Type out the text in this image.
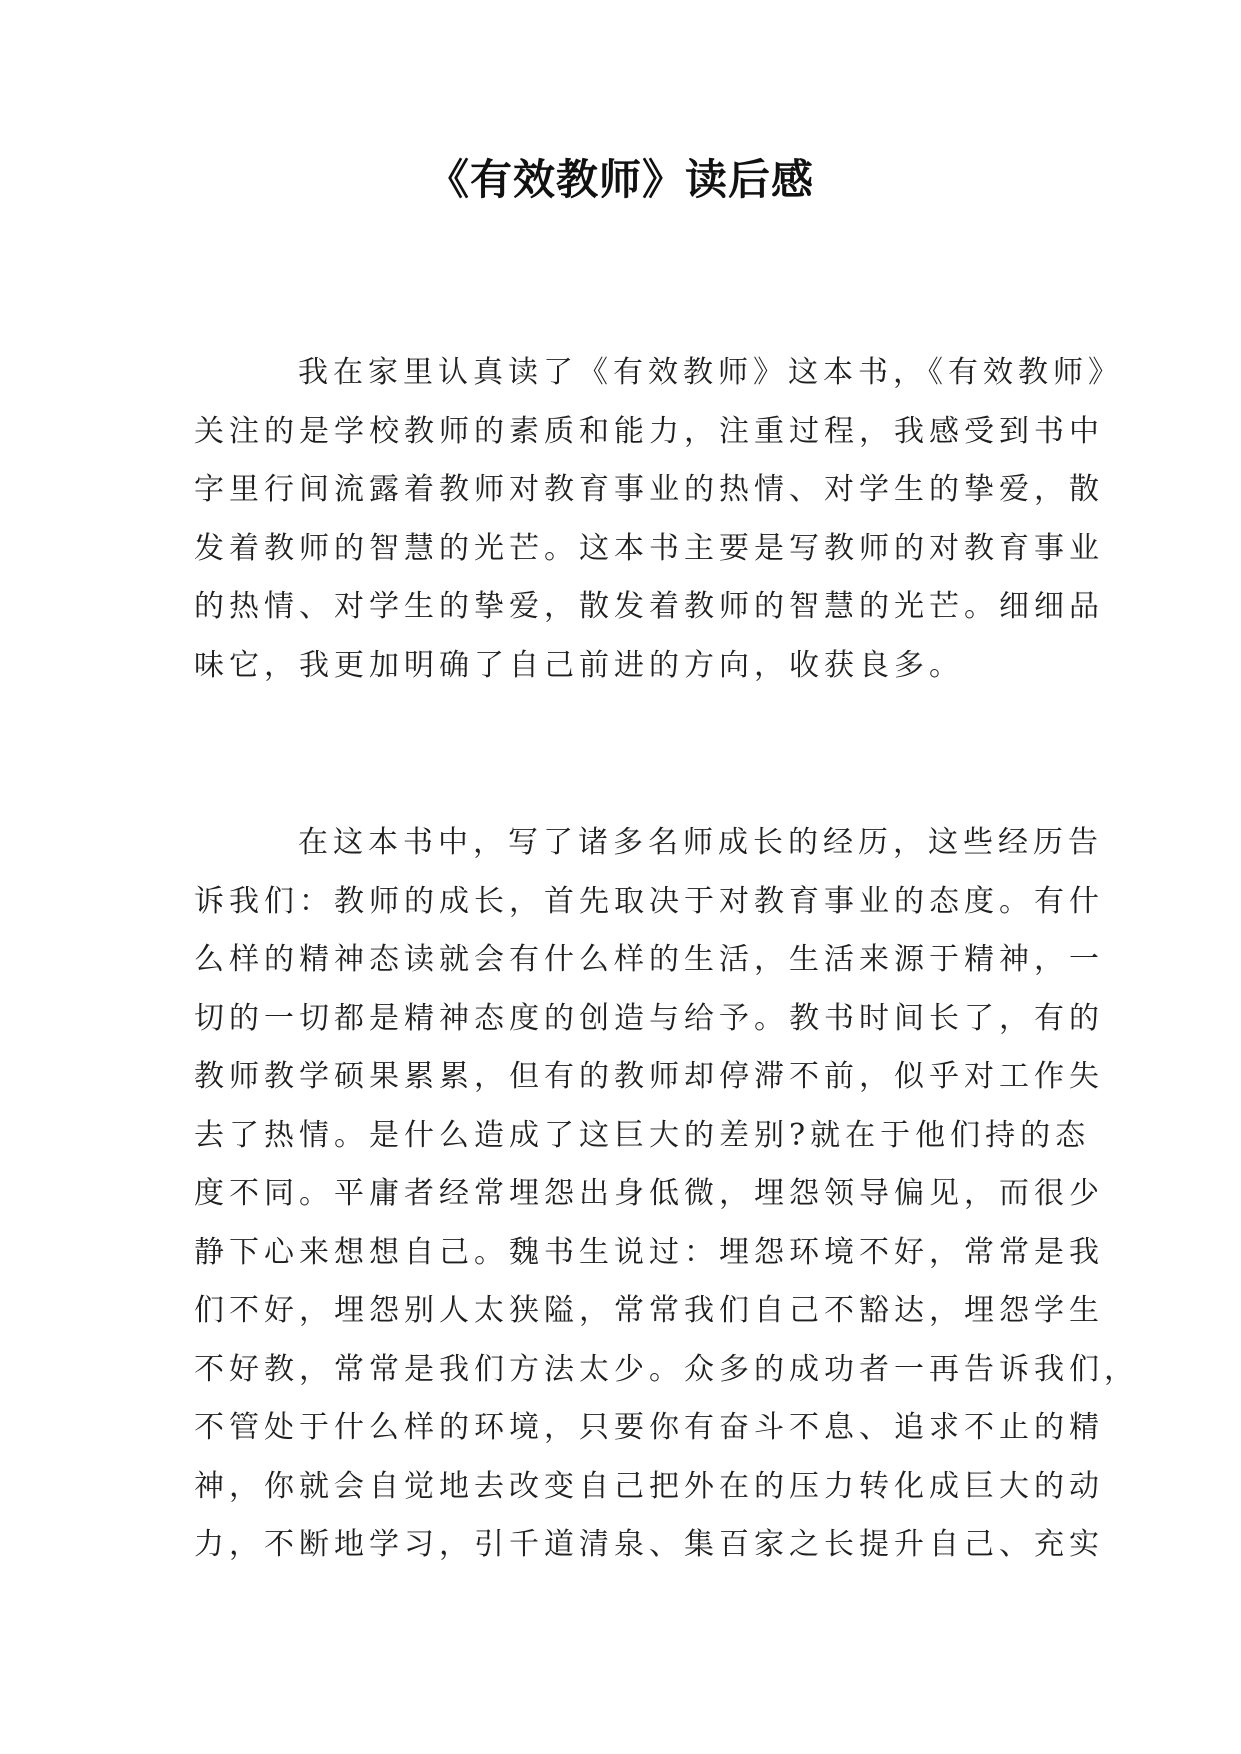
《有效教师》读后感
我在家里认真读了《有效教师》这本书，《有效教师》
关注的是学校教师的素质和能力，注重过程，我感受到书中
字里行间流露着教师对教育事业的热情、对学生的挚爱，散
发着教师的智慧的光芒。这本书主要是写教师的对教育事业
的热情、对学生的挚爱，散发着教师的智慧的光芒。细细品
味它，我更加明确了自己前进的方向，收获良多。
在这本书中，写了诸多名师成长的经历，这些经历告
诉我们：教师的成长，首先取决于对教育事业的态度。有什
么样的精神态读就会有什么样的生活，生活来源于精神，一
切的一切都是精神态度的创造与给予。教书时间长了，有的
教师教学硕果累累，但有的教师却停滞不前，似乎对工作失
去了热情。是什么造成了这巨大的差别?就在于他们持的态
度不同。平庸者经常埋怨出身低微，埋怨领导偏见，而很少
静下心来想想自己。魏书生说过：埋怨环境不好，常常是我
们不好，埋怨别人太狭隘，常常我们自己不豁达，埋怨学生
不好教，常常是我们方法太少。众多的成功者一再告诉我们，
不管处于什么样的环境，只要你有奋斗不息、追求不止的精
神，你就会自觉地去改变自己把外在的压力转化成巨大的动
力，不断地学习，引千道清泉、集百家之长提升自己、充实
